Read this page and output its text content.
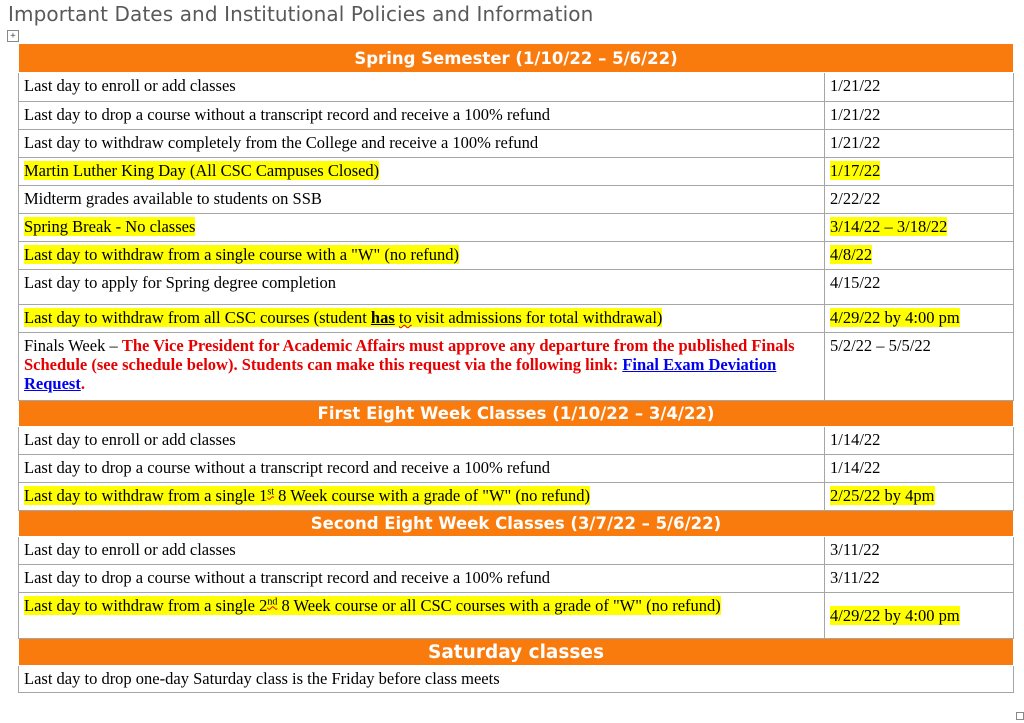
Important Dates and Institutional Policies and Information
+
Spring Semester (1/10/22 – 5/6/22)	
Last day to enroll or add classes	1/21/22
Last day to drop a course without a transcript record and receive a 100% refund	1/21/22
Last day to withdraw completely from the College and receive a 100% refund	1/21/22
Martin Luther King Day (All CSC Campuses Closed)	1/17/22
Midterm grades available to students on SSB	2/22/22
Spring Break - No classes	3/14/22 – 3/18/22
Last day to withdraw from a single course with a "W" (no refund)	4/8/22
Last day to apply for Spring degree completion	4/15/22
Last day to withdraw from all CSC courses (student has to visit admissions for total withdrawal)	4/29/22 by 4:00 pm
Finals Week – The Vice President for Academic Affairs must approve any departure from the published Finals Schedule (see schedule below). Students can make this request via the following link: Final Exam Deviation Request.	5/2/22 – 5/5/22
First Eight Week Classes (1/10/22 – 3/4/22)	
Last day to enroll or add classes	1/14/22
Last day to drop a course without a transcript record and receive a 100% refund	1/14/22
Last day to withdraw from a single 1st 8 Week course with a grade of "W" (no refund)	2/25/22 by 4pm
Second Eight Week Classes (3/7/22 – 5/6/22)	
Last day to enroll or add classes	3/11/22
Last day to drop a course without a transcript record and receive a 100% refund	3/11/22
Last day to withdraw from a single 2nd 8 Week course or all CSC courses with a grade of "W" (no refund)	4/29/22 by 4:00 pm
Saturday classes	
Last day to drop one-day Saturday class is the Friday before class meets	
